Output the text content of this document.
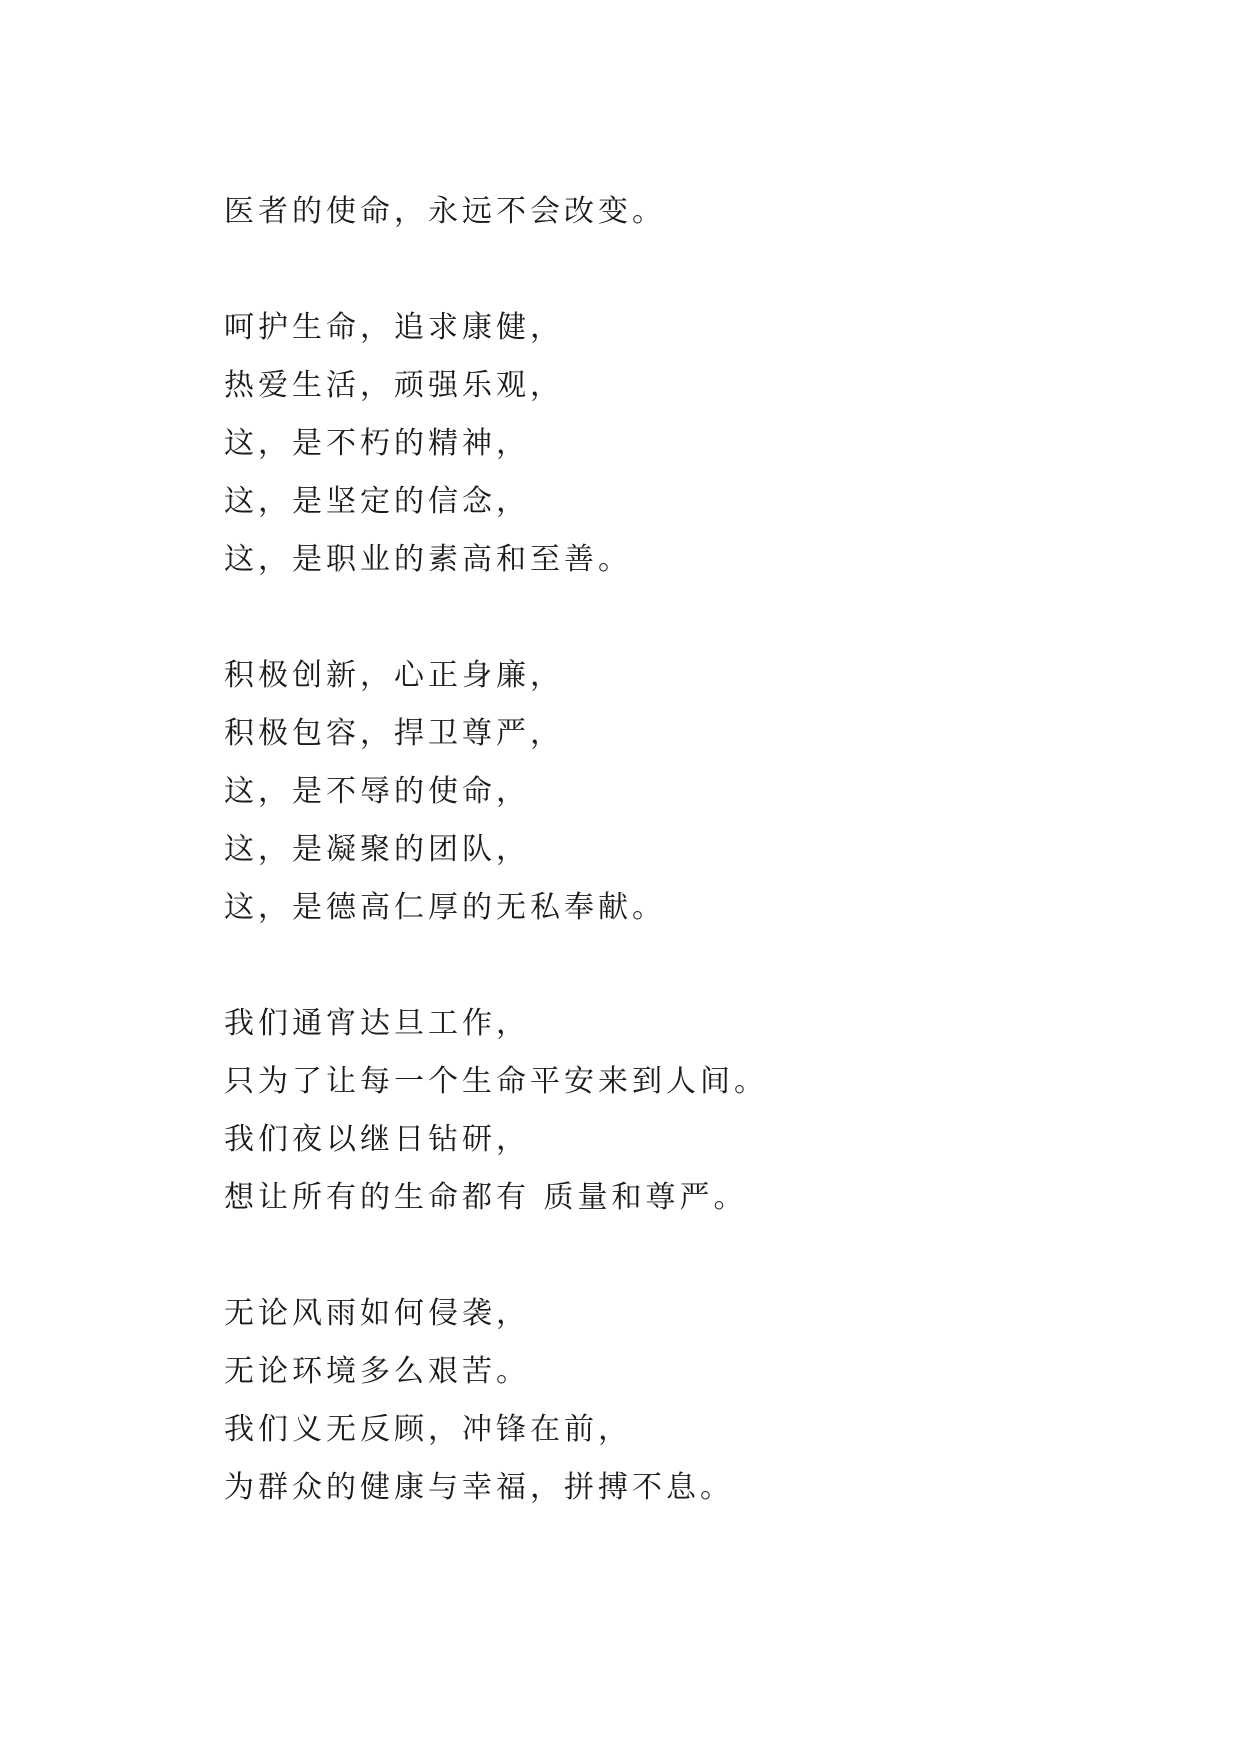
医者的使命，永远不会改变。
呵护生命，追求康健，
热爱生活，顽强乐观，
这，是不朽的精神，
这，是坚定的信念，
这，是职业的素高和至善。
积极创新，心正身廉，
积极包容，捍卫尊严，
这，是不辱的使命，
这，是凝聚的团队，
这，是德高仁厚的无私奉献。
我们通宵达旦工作，
只为了让每一个生命平安来到人间。
我们夜以继日钻研，
想让所有的生命都有 质量和尊严。
无论风雨如何侵袭，
无论环境多么艰苦。
我们义无反顾，冲锋在前，
为群众的健康与幸福，拼搏不息。
